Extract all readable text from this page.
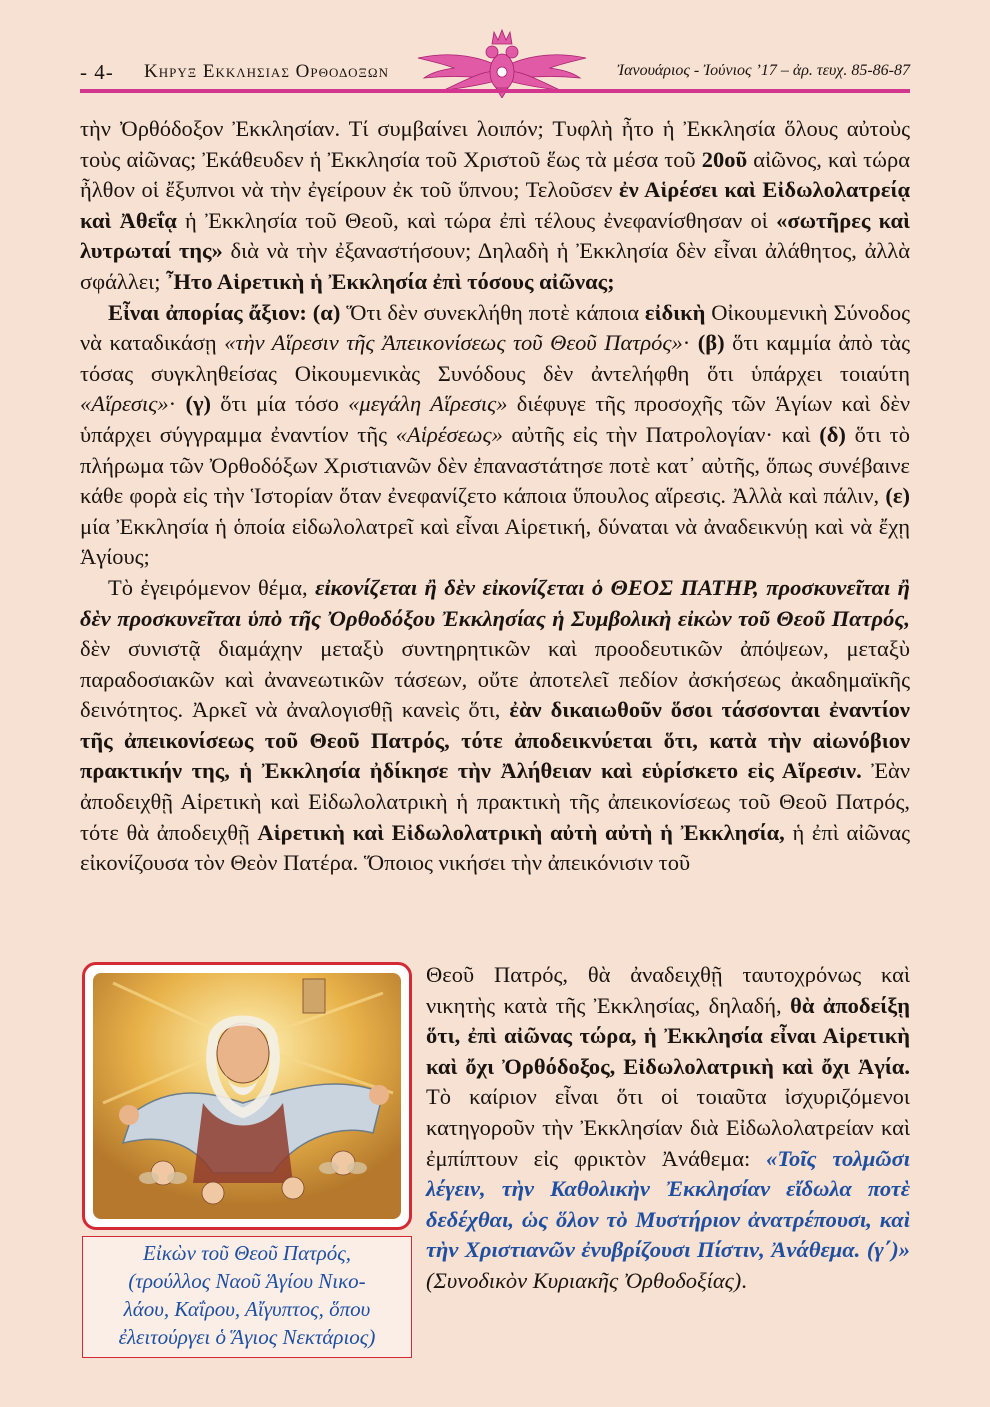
- 4- Κηρυξ Εκκλησιας Ορθοδοξων	Ἰανουάριος - Ἰούνιος ’17 – ἀρ. τευχ. 85-86-87

τὴν Ὀρθόδοξον Ἐκκλησίαν. Τί συμβαίνει λοιπόν; Τυφλὴ ἦτο ἡ Ἐκκλησία ὅλους αὐτοὺς τοὺς αἰῶνας; Ἐκάθευδεν ἡ Ἐκκλησία τοῦ Χριστοῦ ἕως τὰ μέσα τοῦ 20οῦ αἰῶνος, καὶ τώρα ἦλθον οἱ ἔξυπνοι νὰ τὴν ἐγείρουν ἐκ τοῦ ὕπνου; Τελοῦσεν ἐν Αἱρέσει καὶ Εἰδωλολατρείᾳ καὶ Ἀθεΐᾳ ἡ Ἐκκλησία τοῦ Θεοῦ, καὶ τώρα ἐπὶ τέλους ἐνεφανίσθησαν οἱ «σωτῆρες καὶ λυτρωταί της» διὰ νὰ τὴν ἐξαναστήσουν; Δηλαδὴ ἡ Ἐκκλησία δὲν εἶναι ἀλάθητος, ἀλλὰ σφάλλει; Ἦτο Αἱρετικὴ ἡ Ἐκκλησία ἐπὶ τόσους αἰῶνας;

Εἶναι ἀπορίας ἄξιον: (α) Ὅτι δὲν συνεκλήθη ποτὲ κάποια εἰδικὴ Οἰκουμενικὴ Σύνοδος νὰ καταδικάσῃ «τὴν Αἵρεσιν τῆς Ἀπεικονίσεως τοῦ Θεοῦ Πατρός»· (β) ὅτι καμμία ἀπὸ τὰς τόσας συγκληθείσας Οἰκουμενικὰς Συνόδους δὲν ἀντελήφθη ὅτι ὑπάρχει τοιαύτη «Αἵρεσις»· (γ) ὅτι μία τόσο «μεγάλη Αἵρεσις» διέφυγε τῆς προσοχῆς τῶν Ἁγίων καὶ δὲν ὑπάρχει σύγγραμμα ἐναντίον τῆς «Αἱρέσεως» αὐτῆς εἰς τὴν Πατρολογίαν· καὶ (δ) ὅτι τὸ πλήρωμα τῶν Ὀρθοδόξων Χριστιανῶν δὲν ἐπαναστάτησε ποτὲ κατ᾽ αὐτῆς, ὅπως συνέβαινε κάθε φορὰ εἰς τὴν Ἱστορίαν ὅταν ἐνεφανίζετο κάποια ὕπουλος αἵρεσις. Ἀλλὰ καὶ πάλιν, (ε) μία Ἐκκλησία ἡ ὁποία εἰδωλολατρεῖ καὶ εἶναι Αἱρετική, δύναται νὰ ἀναδεικνύῃ καὶ νὰ ἔχῃ Ἁγίους;

Τὸ ἐγειρόμενον θέμα, εἰκονίζεται ἢ δὲν εἰκονίζεται ὁ ΘΕΟΣ ΠΑΤΗΡ, προσκυνεῖται ἢ δὲν προσκυνεῖται ὑπὸ τῆς Ὀρθοδόξου Ἐκκλησίας ἡ Συμβολικὴ εἰκὼν τοῦ Θεοῦ Πατρός, δὲν συνιστᾷ διαμάχην μεταξὺ συντηρητικῶν καὶ προοδευτικῶν ἀπόψεων, μεταξὺ παραδοσιακῶν καὶ ἀνανεωτικῶν τάσεων, οὔτε ἀποτελεῖ πεδίον ἀσκήσεως ἀκαδημαϊκῆς δεινότητος. Ἀρκεῖ νὰ ἀναλογισθῇ κανεὶς ὅτι, ἐὰν δικαιωθοῦν ὅσοι τάσσονται ἐναντίον τῆς ἀπεικονίσεως τοῦ Θεοῦ Πατρός, τότε ἀποδεικνύεται ὅτι, κατὰ τὴν αἰωνόβιον πρακτικήν της, ἡ Ἐκκλησία ἠδίκησε τὴν Ἀλήθειαν καὶ εὑρίσκετο εἰς Αἵρεσιν. Ἐὰν ἀποδειχθῇ Αἱρετικὴ καὶ Εἰδωλολατρικὴ ἡ πρακτικὴ τῆς ἀπεικονίσεως τοῦ Θεοῦ Πατρός, τότε θὰ ἀποδειχθῇ Αἱρετικὴ καὶ Εἰδωλολατρικὴ αὐτὴ αὐτὴ ἡ Ἐκκλησία, ἡ ἐπὶ αἰῶνας εἰκονίζουσα τὸν Θεὸν Πατέρα. Ὅποιος νικήσει τὴν ἀπεικόνισιν τοῦ

Θεοῦ Πατρός, θὰ ἀναδειχθῇ ταυτοχρόνως καὶ νικητὴς κατὰ τῆς Ἐκκλησίας, δηλαδή, θὰ ἀποδείξῃ ὅτι, ἐπὶ αἰῶνας τώρα, ἡ Ἐκκλησία εἶναι Αἱρετικὴ καὶ ὄχι Ὀρθόδοξος, Εἰδωλολατρικὴ καὶ ὄχι Ἁγία. Τὸ καίριον εἶναι ὅτι οἱ τοιαῦτα ἰσχυριζόμενοι κατηγοροῦν τὴν Ἐκκλησίαν διὰ Εἰδωλολατρείαν καὶ ἐμπίπτουν εἰς φρικτὸν Ἀνάθεμα: «Τοῖς τολμῶσι λέγειν, τὴν Καθολικὴν Ἐκκλησίαν εἴδωλα ποτὲ δεδέχθαι, ὡς ὅλον τὸ Μυστήριον ἀνατρέπουσι, καὶ τὴν Χριστιανῶν ἐνυβρίζουσι Πίστιν, Ἀνάθεμα. (γ΄)» (Συνοδικὸν Κυριακῆς Ὀρθοδοξίας).
Εἰκὼν τοῦ Θεοῦ Πατρός,
(τρούλλος Ναοῦ Ἁγίου Νικο-
λάου, Καΐρου, Αἴγυπτος, ὅπου
ἐλειτούργει ὁ Ἅγιος Νεκτάριος)
